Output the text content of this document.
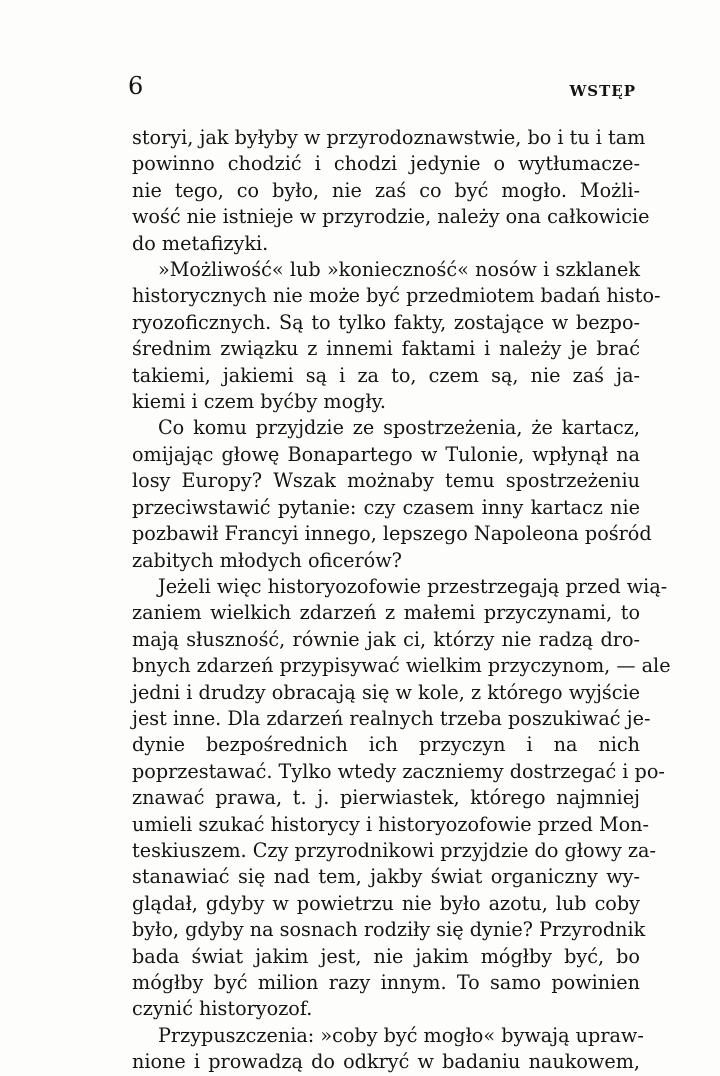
6	WSTĘP
storyi, jak byłyby w przyrodoznawstwie, bo i tu i tam
powinno chodzić i chodzi jedynie o wytłumacze-
nie tego, co było, nie zaś co być mogło. Możli-
wość nie istnieje w przyrodzie, należy ona całkowicie
do metafizyki.
»Możliwość« lub »konieczność« nosów i szklanek
historycznych nie może być przedmiotem badań histo-
ryozoficznych. Są to tylko fakty, zostające w bezpo-
średnim związku z innemi faktami i należy je brać
takiemi, jakiemi są i za to, czem są, nie zaś ja-
kiemi i czem byćby mogły.
Co komu przyjdzie ze spostrzeżenia, że kartacz,
omijając głowę Bonapartego w Tulonie, wpłynął na
losy Europy? Wszak możnaby temu spostrzeżeniu
przeciwstawić pytanie: czy czasem inny kartacz nie
pozbawił Francyi innego, lepszego Napoleona pośród
zabitych młodych oficerów?
Jeżeli więc historyozofowie przestrzegają przed wią-
zaniem wielkich zdarzeń z małemi przyczynami, to
mają słuszność, równie jak ci, którzy nie radzą dro-
bnych zdarzeń przypisywać wielkim przyczynom, — ale
jedni i drudzy obracają się w kole, z którego wyjście
jest inne. Dla zdarzeń realnych trzeba poszukiwać je-
dynie bezpośrednich ich przyczyn i na nich
poprzestawać. Tylko wtedy zaczniemy dostrzegać i po-
znawać prawa, t. j. pierwiastek, którego najmniej
umieli szukać historycy i historyozofowie przed Mon-
teskiuszem. Czy przyrodnikowi przyjdzie do głowy za-
stanawiać się nad tem, jakby świat organiczny wy-
glądał, gdyby w powietrzu nie było azotu, lub coby
było, gdyby na sosnach rodziły się dynie? Przyrodnik
bada świat jakim jest, nie jakim mógłby być, bo
mógłby być milion razy innym. To samo powinien
czynić historyozof.
Przypuszczenia: »coby być mogło« bywają upraw-
nione i prowadzą do odkryć w badaniu naukowem,
